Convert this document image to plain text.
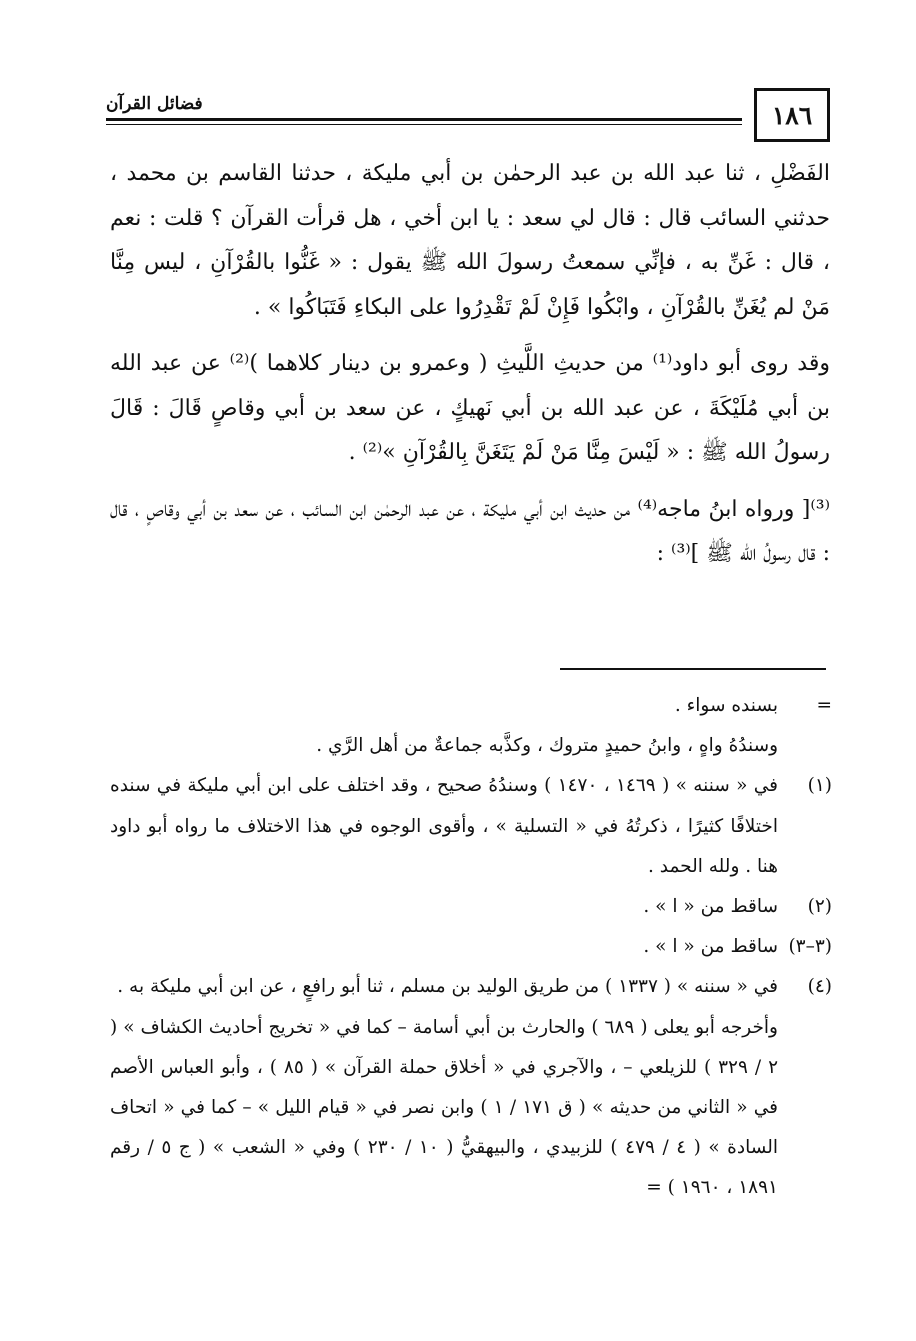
١٨٦
فضائل القرآن

الفَضْلِ ، ثنا عبد الله بن عبد الرحمٰن بن أبي مليكة ، حدثنا القاسم بن محمد ، حدثني السائب قال : قال لي سعد : يا ابن أخي ، هل قرأت القرآن ؟ قلت : نعم ، قال : غَنِّ به ، فإنِّي سمعتُ رسولَ الله ﷺ يقول : « غَنُّوا بالقُرْآنِ ، ليس مِنَّا مَنْ لم يُغَنِّ بالقُرْآنِ ، وابْكُوا فَإِنْ لَمْ تَقْدِرُوا على البكاءِ فَتَبَاكُوا » .

وقد روى أبو داود⁽¹⁾ من حديثِ اللَّيثِ ( وعمرو بن دينار كلاهما )⁽²⁾ عن عبد الله بن أبي مُلَيْكَةَ ، عن عبد الله بن أبي نَهيكٍ ، عن سعد بن أبي وقاصٍ قَالَ : قَالَ رسولُ الله ﷺ : « لَيْسَ مِنَّا مَنْ لَمْ يَتَغَنَّ بِالقُرْآنِ »⁽²⁾ .

⁽³⁾[ ورواه ابنُ ماجه⁽⁴⁾ من حديث ابن أبي مليكة ، عن عبد الرحمٰن ابن السائب ، عن سعد بن أبي وقاصٍ ، قال : قال رسولُ الله ﷺ ]⁽³⁾ :

=
بسنده سواء .
وسندُهُ واهٍ ، وابنُ حميدٍ متروك ، وكذَّبه جماعةٌ من أهل الرَّي .
(١)
في « سننه » ( ١٤٦٩ ، ١٤٧٠ ) وسندُهُ صحيح ، وقد اختلف على ابن أبي مليكة في سنده اختلافًا كثيرًا ، ذكرتُهُ في « التسلية » ، وأقوى الوجوه في هذا الاختلاف ما رواه أبو داود هنا . ولله الحمد .
(٢)
ساقط من « ا » .
(٣–٣)
ساقط من « ا » .
(٤)
في « سننه » ( ١٣٣٧ ) من طريق الوليد بن مسلم ، ثنا أبو رافعٍ ، عن ابن أبي مليكة به .
وأخرجه أبو يعلى ( ٦٨٩ ) والحارث بن أبي أسامة – كما في « تخريج أحاديث الكشاف » ( ٢ / ٣٢٩ ) للزيلعي – ، والآجري في « أخلاق حملة القرآن » ( ٨٥ ) ، وأبو العباس الأصم في « الثاني من حديثه » ( ق ١٧١ / ١ ) وابن نصر في « قيام الليل » – كما في « اتحاف السادة » ( ٤ / ٤٧٩ ) للزبيدي ، والبيهقيُّ ( ١٠ / ٢٣٠ ) وفي « الشعب » ( ج ٥ / رقم ١٨٩١ ، ١٩٦٠ ) =
